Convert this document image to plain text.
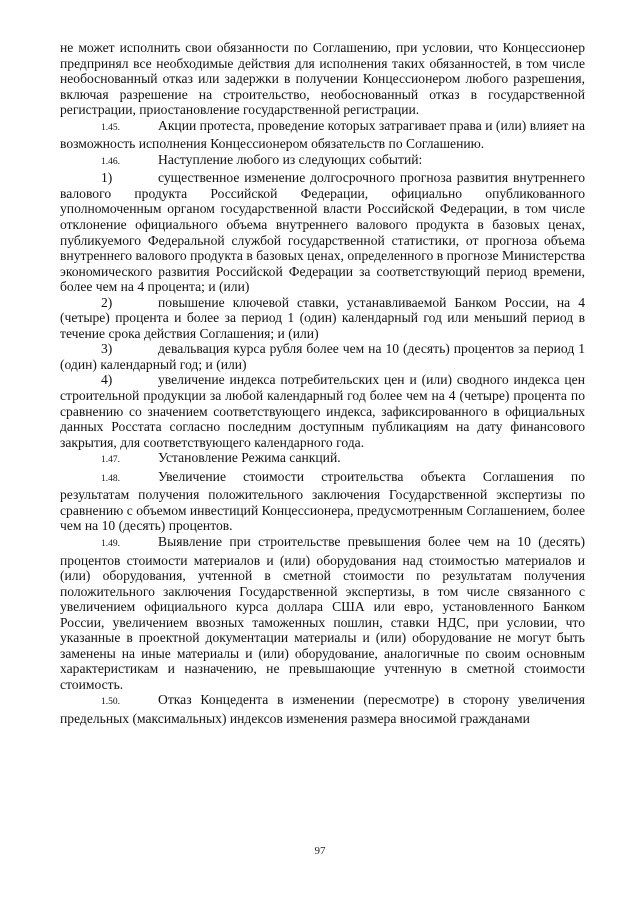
не может исполнить свои обязанности по Соглашению, при условии, что Концессионер предпринял все необходимые действия для исполнения таких обязанностей, в том числе необоснованный отказ или задержки в получении Концессионером любого разрешения, включая разрешение на строительство, необоснованный отказ в государственной регистрации, приостановление государственной регистрации.

1.45.	Акции протеста, проведение которых затрагивает права и (или) влияет на возможность исполнения Концессионером обязательств по Соглашению.

1.46.	Наступление любого из следующих событий:

1)	существенное изменение долгосрочного прогноза развития внутреннего валового продукта Российской Федерации, официально опубликованного уполномоченным органом государственной власти Российской Федерации, в том числе отклонение официального объема внутреннего валового продукта в базовых ценах, публикуемого Федеральной службой государственной статистики, от прогноза объема внутреннего валового продукта в базовых ценах, определенного в прогнозе Министерства экономического развития Российской Федерации за соответствующий период времени, более чем на 4 процента; и (или)

2)	повышение ключевой ставки, устанавливаемой Банком России, на 4 (четыре) процента и более за период 1 (один) календарный год или меньший период в течение срока действия Соглашения; и (или)

3)	девальвация курса рубля более чем на 10 (десять) процентов за период 1 (один) календарный год; и (или)

4)	увеличение индекса потребительских цен и (или) сводного индекса цен строительной продукции за любой календарный год более чем на 4 (четыре) процента по сравнению со значением соответствующего индекса, зафиксированного в официальных данных Росстата согласно последним доступным публикациям на дату финансового закрытия, для соответствующего календарного года.

1.47.	Установление Режима санкций.

1.48.	Увеличение стоимости строительства объекта Соглашения по результатам получения положительного заключения Государственной экспертизы по сравнению с объемом инвестиций Концессионера, предусмотренным Соглашением, более чем на 10 (десять) процентов.

1.49.	Выявление при строительстве превышения более чем на 10 (десять) процентов стоимости материалов и (или) оборудования над стоимостью материалов и (или) оборудования, учтенной в сметной стоимости по результатам получения положительного заключения Государственной экспертизы, в том числе связанного с увеличением официального курса доллара США или евро, установленного Банком России, увеличением ввозных таможенных пошлин, ставки НДС, при условии, что указанные в проектной документации материалы и (или) оборудование не могут быть заменены на иные материалы и (или) оборудование, аналогичные по своим основным характеристикам и назначению, не превышающие учтенную в сметной стоимости стоимость.

1.50.	Отказ Концедента в изменении (пересмотре) в сторону увеличения предельных (максимальных) индексов изменения размера вносимой гражданами

97
